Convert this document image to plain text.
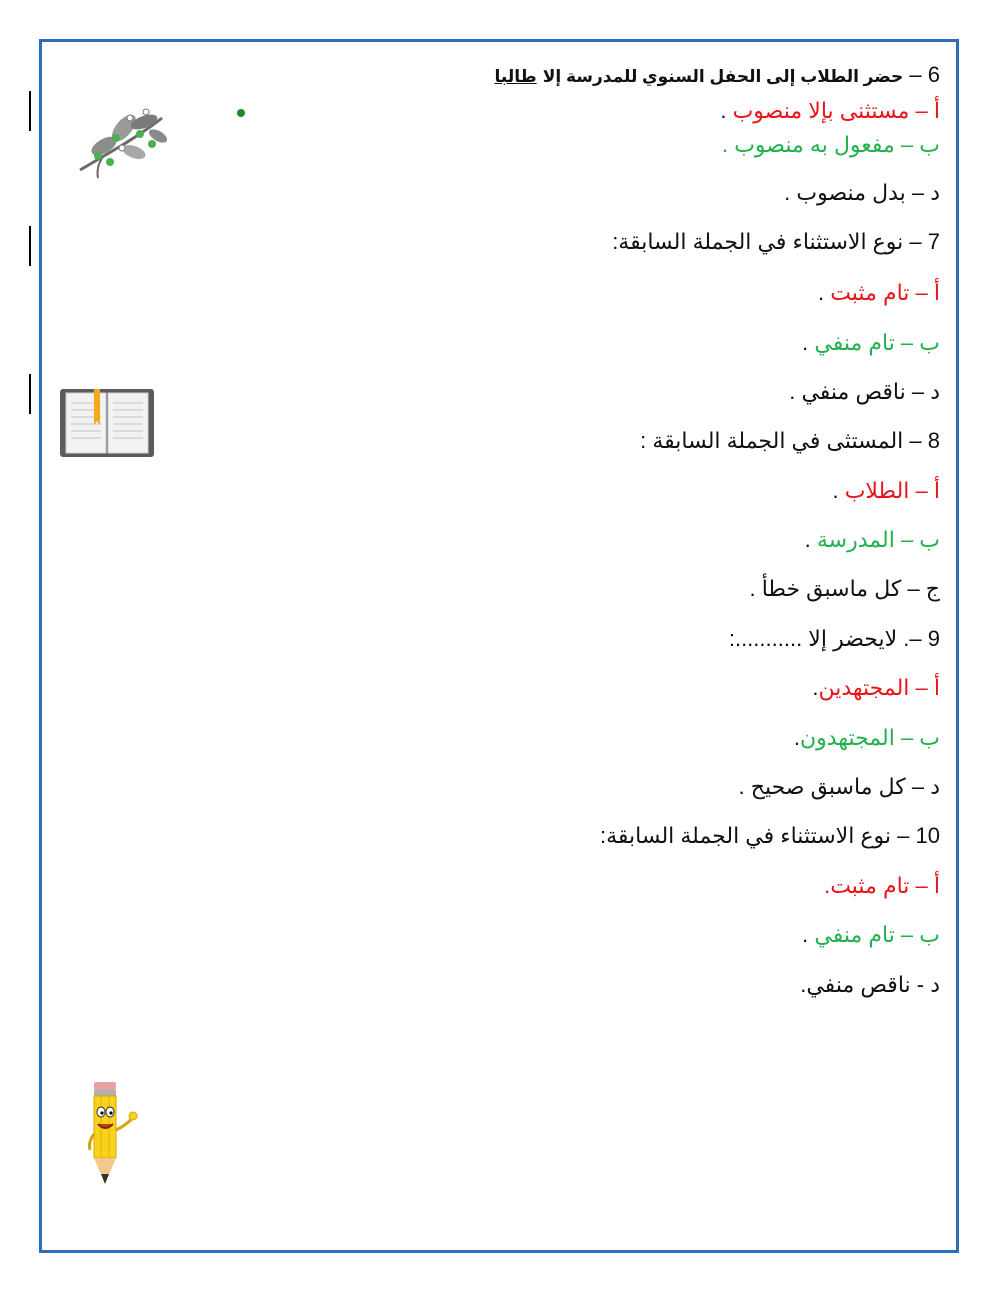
6 – حضر الطلاب إلى الحفل السنوي للمدرسة إلا طالبا
أ – مستثنى بإلا منصوب .
ب – مفعول به منصوب .
د – بدل منصوب .
7 – نوع الاستثناء في الجملة السابقة:
أ – تام مثبت .
ب – تام منفي .
د – ناقص منفي .
8 – المستثى في الجملة السابقة :
أ – الطلاب .
ب – المدرسة .
ج – كل ماسبق خطأ .
9 –. لايحضر إلا ...........:
أ – المجتهدين.
ب – المجتهدون.
د – كل ماسبق صحيح .
10 – نوع الاستثناء في الجملة السابقة:
أ – تام مثبت.
ب – تام منفي .
د - ناقص منفي.
